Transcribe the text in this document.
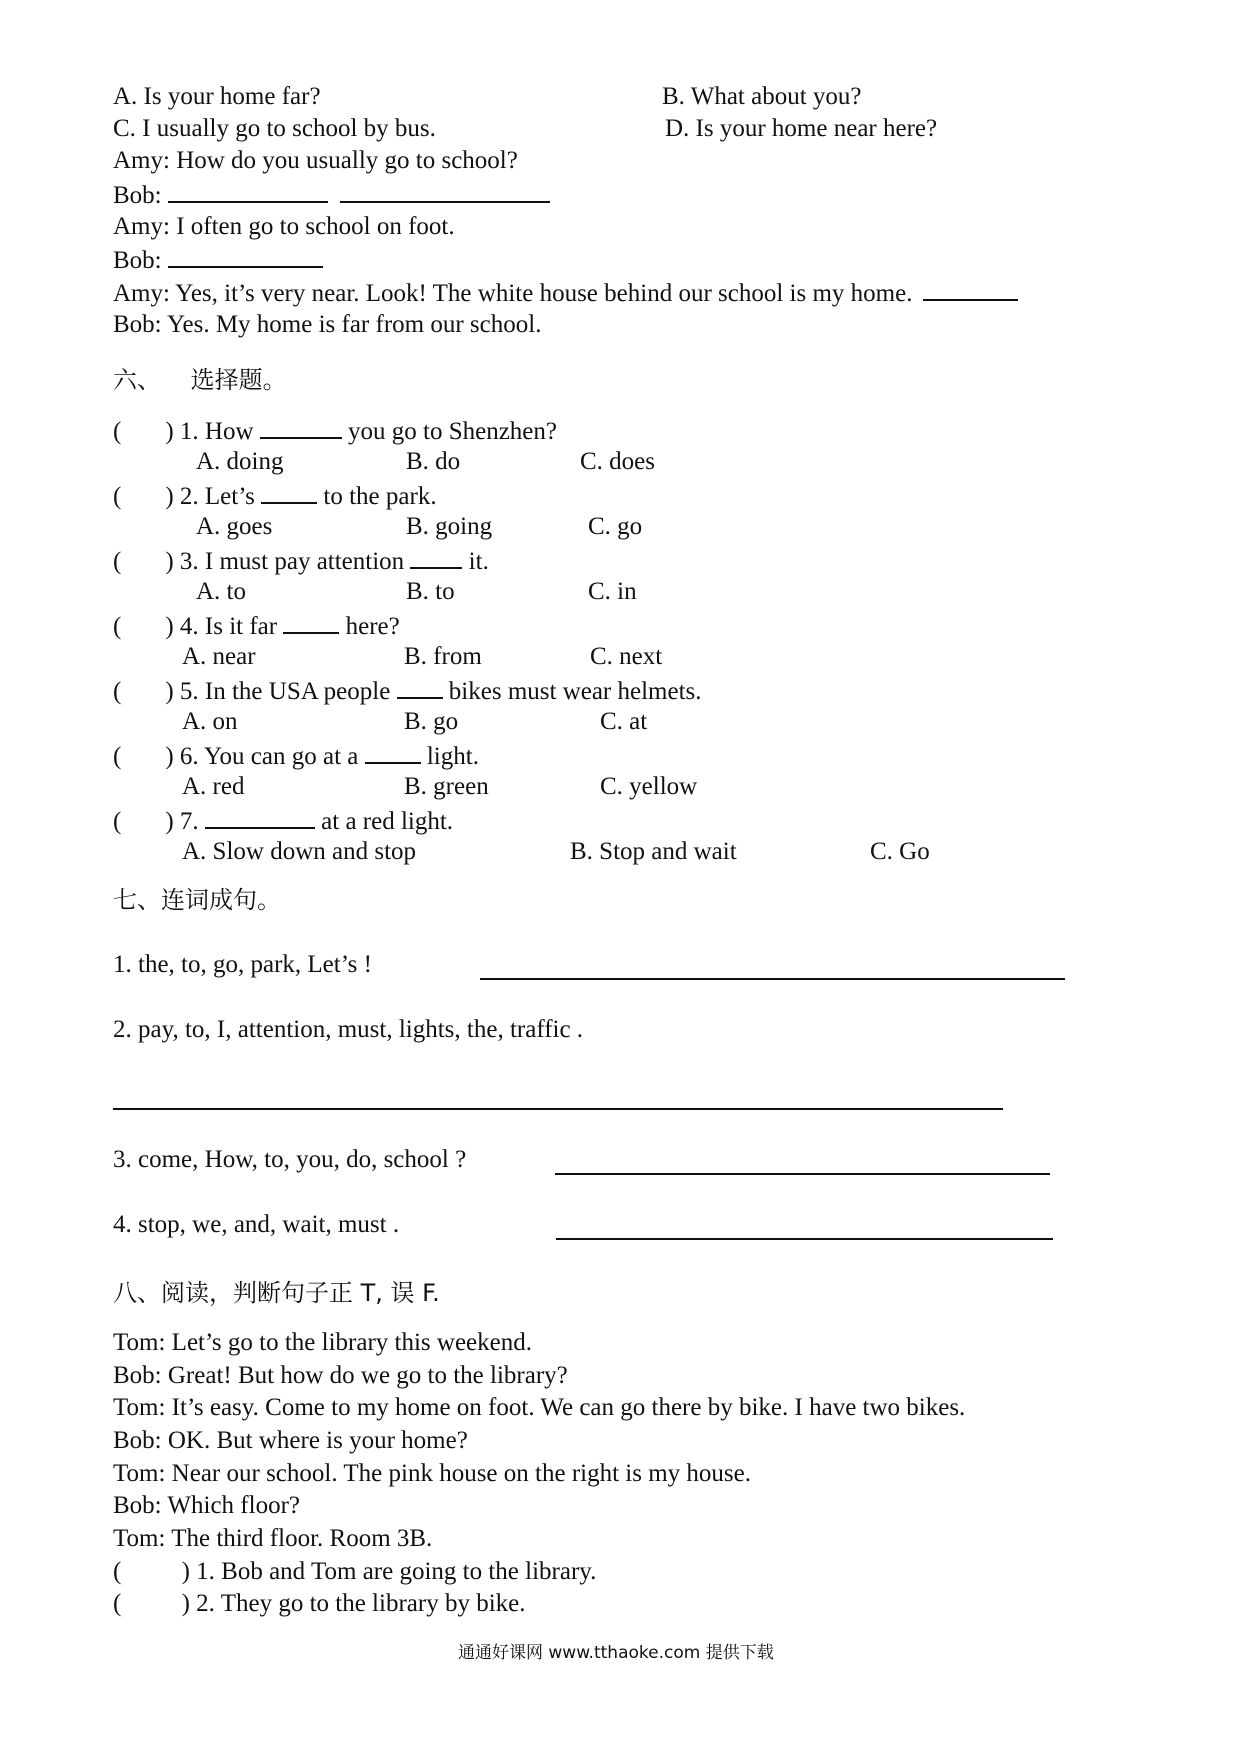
A. Is your home far?	B. What about you?
C. I usually go to school by bus.	D. Is your home near here?
Amy: How do you usually go to school?
Bob:
Amy: I often go to school on foot.
Bob:
Amy: Yes, it’s very near. Look! The white house behind our school is my home.
Bob: Yes. My home is far from our school.
六、 选择题。
( ) 1. How	you go to Shenzhen?
A. doing	B. do	C. does
( ) 2. Let’s	to the park.
A. goes	B. going	C. go
( ) 3. I must pay attention	it.
A. to	B. to	C. in
( ) 4. Is it far	here?
A. near	B. from	C. next
( ) 5. In the USA people bikes must wear helmets.
A. on	B. go	C. at
( ) 6. You can go at a	light.
A. red	B. green	C. yellow
( ) 7.	at a red light.
A. Slow down and stop	B. Stop and wait	C. Go
七、连词成句。
1. the, to, go, park, Let’s !
2. pay, to, I, attention, must, lights, the, traffic .
3. come, How, to, you, do, school ?
4. stop, we, and, wait, must .
八、阅读，判断句子正 T, 误 F.
Tom: Let’s go to the library this weekend.
Bob: Great! But how do we go to the library?
Tom: It’s easy. Come to my home on foot. We can go there by bike. I have two bikes.
Bob: OK. But where is your home?
Tom: Near our school. The pink house on the right is my house.
Bob: Which floor?
Tom: The third floor. Room 3B.
( ) 1. Bob and Tom are going to the library.
( ) 2. They go to the library by bike.
通通好课网 www.tthaoke.com 提供下载
